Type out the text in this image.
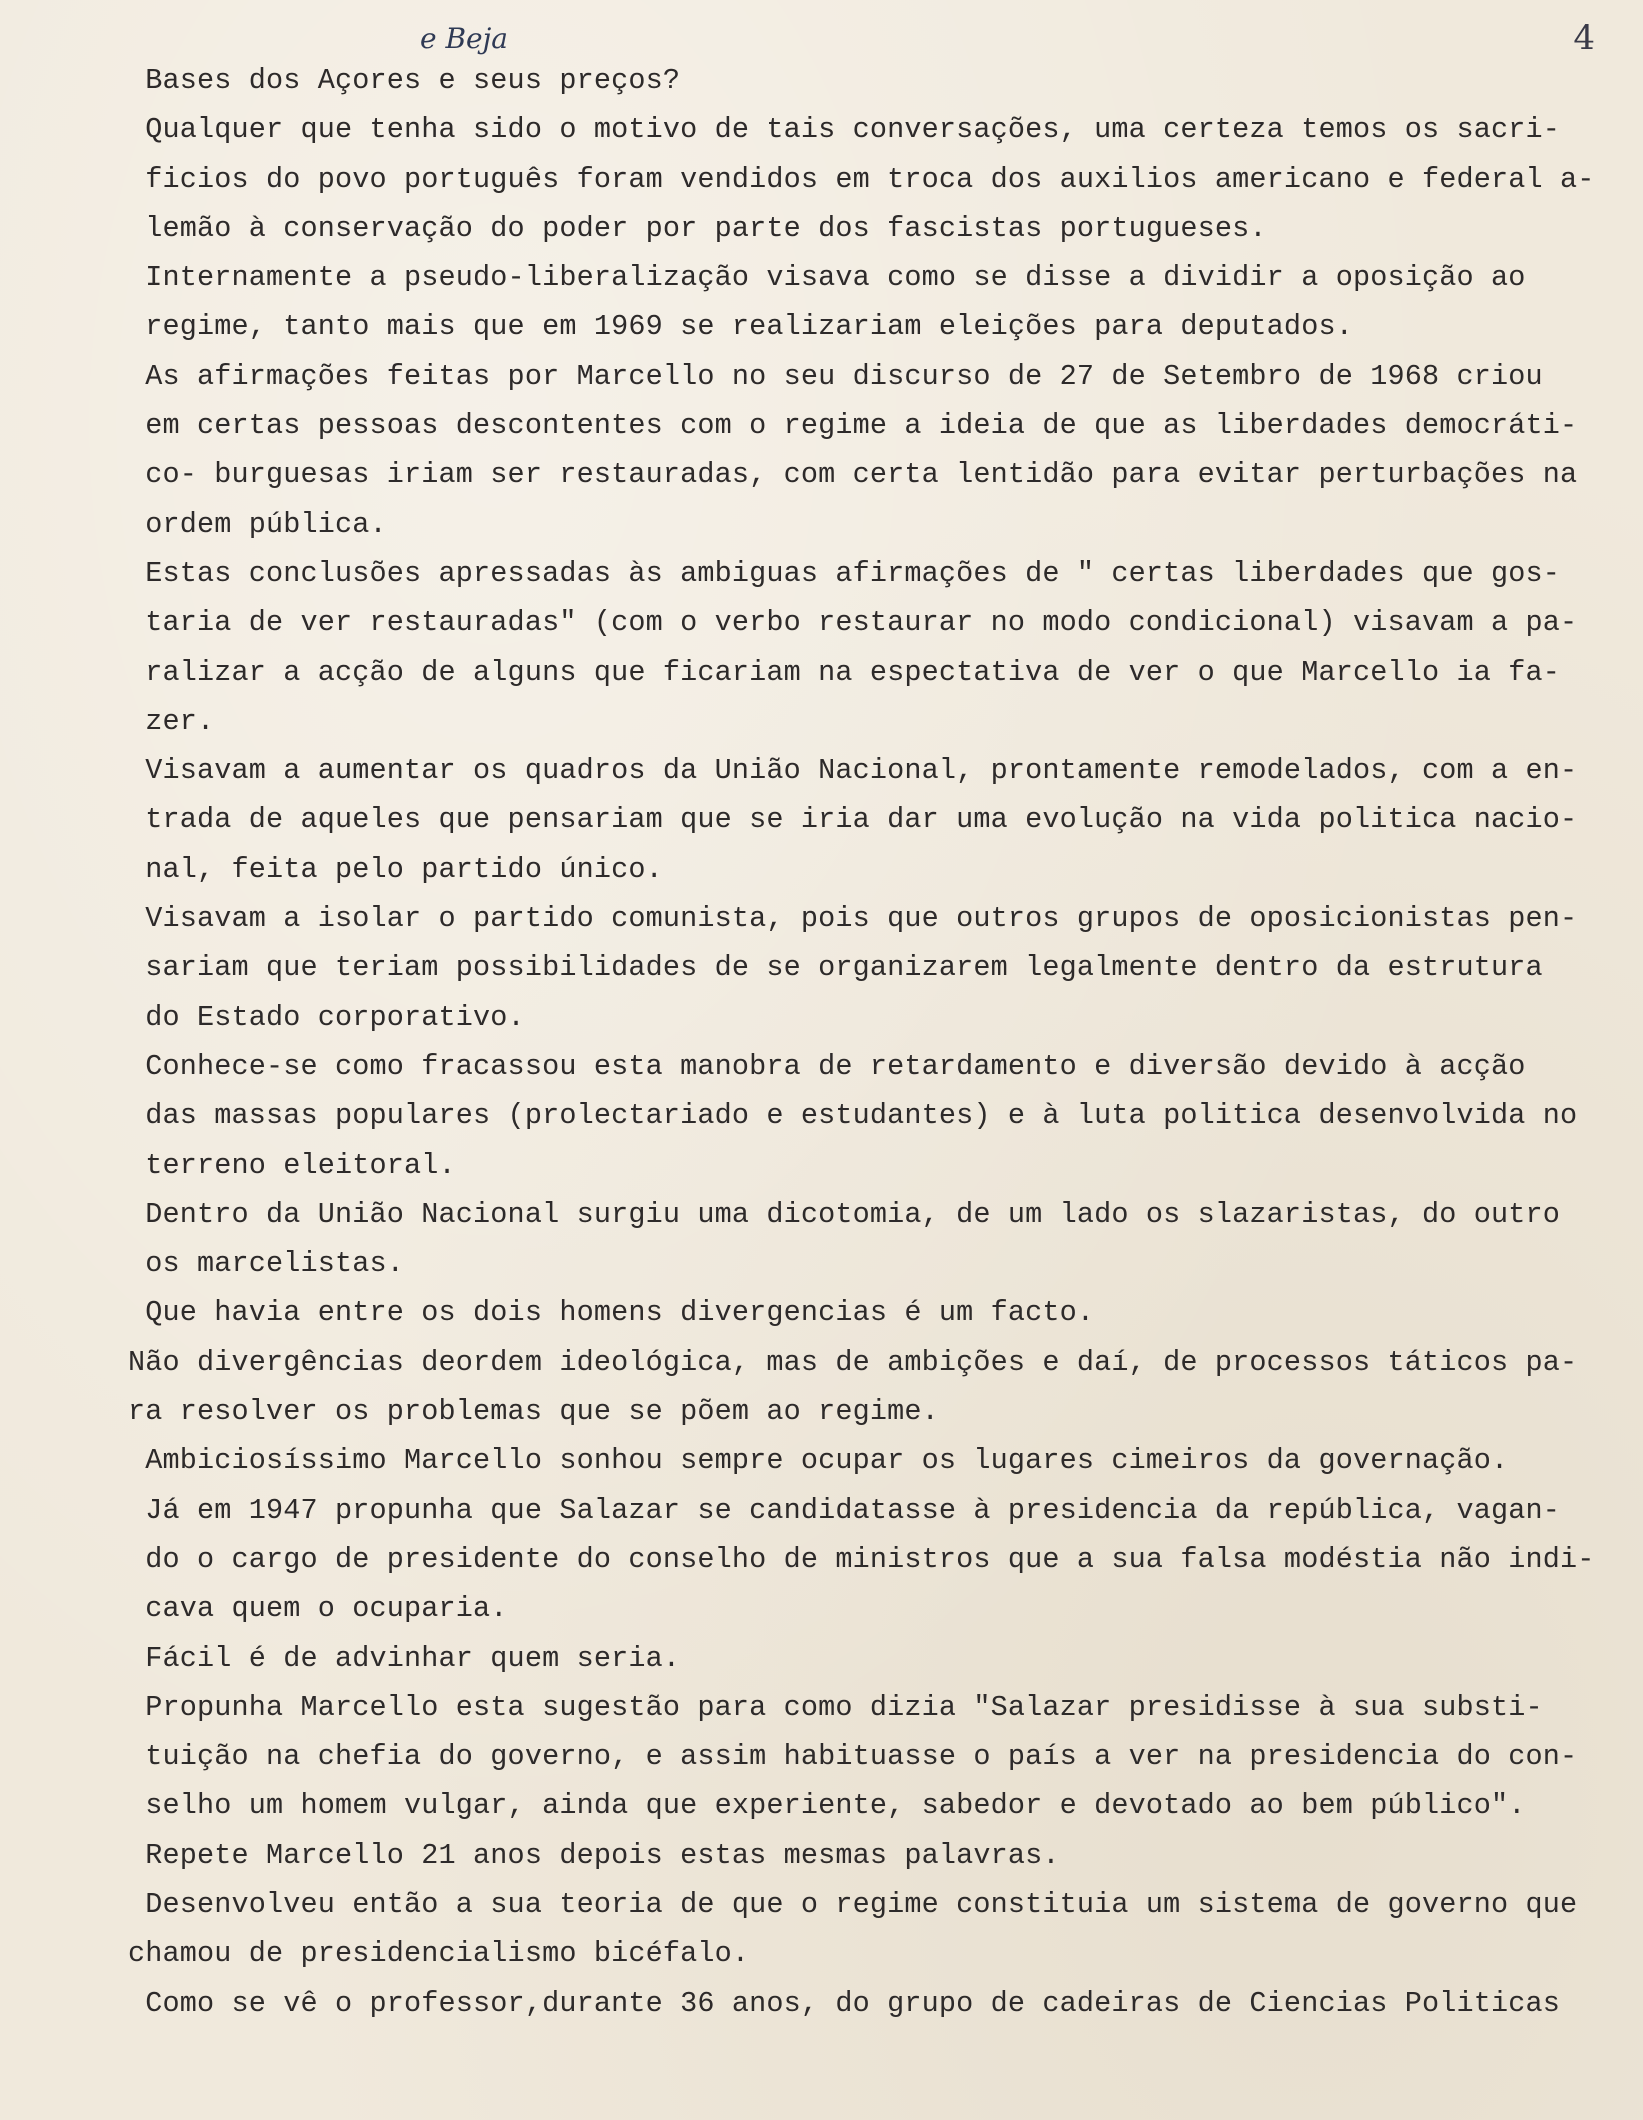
4
e Beja
Bases dos Açores e seus preços?
Qualquer que tenha sido o motivo de tais conversações, uma certeza temos os sacri-
ficios do povo português foram vendidos em troca dos auxilios americano e federal a-
lemão à conservação do poder por parte dos fascistas portugueses.
Internamente a pseudo-liberalização visava como se disse a dividir a oposição ao
regime, tanto mais que em 1969 se realizariam eleições para deputados.
As afirmações feitas por Marcello no seu discurso de 27 de Setembro de 1968 criou
em certas pessoas descontentes com o regime a ideia de que as liberdades democráti-
co- burguesas iriam ser restauradas, com certa lentidão para evitar perturbações na
ordem pública.
Estas conclusões apressadas às ambiguas afirmações de " certas liberdades que gos-
taria de ver restauradas" (com o verbo restaurar no modo condicional) visavam a pa-
ralizar a acção de alguns que ficariam na espectativa de ver o que Marcello ia fa-
zer.
Visavam a aumentar os quadros da União Nacional, prontamente remodelados, com a en-
trada de aqueles que pensariam que se iria dar uma evolução na vida politica nacio-
nal, feita pelo partido único.
Visavam a isolar o partido comunista, pois que outros grupos de oposicionistas pen-
sariam que teriam possibilidades de se organizarem legalmente dentro da estrutura
do Estado corporativo.
Conhece-se como fracassou esta manobra de retardamento e diversão devido à acção
das massas populares (prolectariado e estudantes) e à luta politica desenvolvida no
terreno eleitoral.
Dentro da União Nacional surgiu uma dicotomia, de um lado os slazaristas, do outro
os marcelistas.
Que havia entre os dois homens divergencias é um facto.
Não divergências deordem ideológica, mas de ambições e daí, de processos táticos pa-
ra resolver os problemas que se põem ao regime.
Ambiciosíssimo Marcello sonhou sempre ocupar os lugares cimeiros da governação.
Já em 1947 propunha que Salazar se candidatasse à presidencia da república, vagan-
do o cargo de presidente do conselho de ministros que a sua falsa modéstia não indi-
cava quem o ocuparia.
Fácil é de advinhar quem seria.
Propunha Marcello esta sugestão para como dizia "Salazar presidisse à sua substi-
tuição na chefia do governo, e assim habituasse o país a ver na presidencia do con-
selho um homem vulgar, ainda que experiente, sabedor e devotado ao bem público".
Repete Marcello 21 anos depois estas mesmas palavras.
Desenvolveu então a sua teoria de que o regime constituia um sistema de governo que
chamou de presidencialismo bicéfalo.
Como se vê o professor,durante 36 anos, do grupo de cadeiras de Ciencias Politicas
